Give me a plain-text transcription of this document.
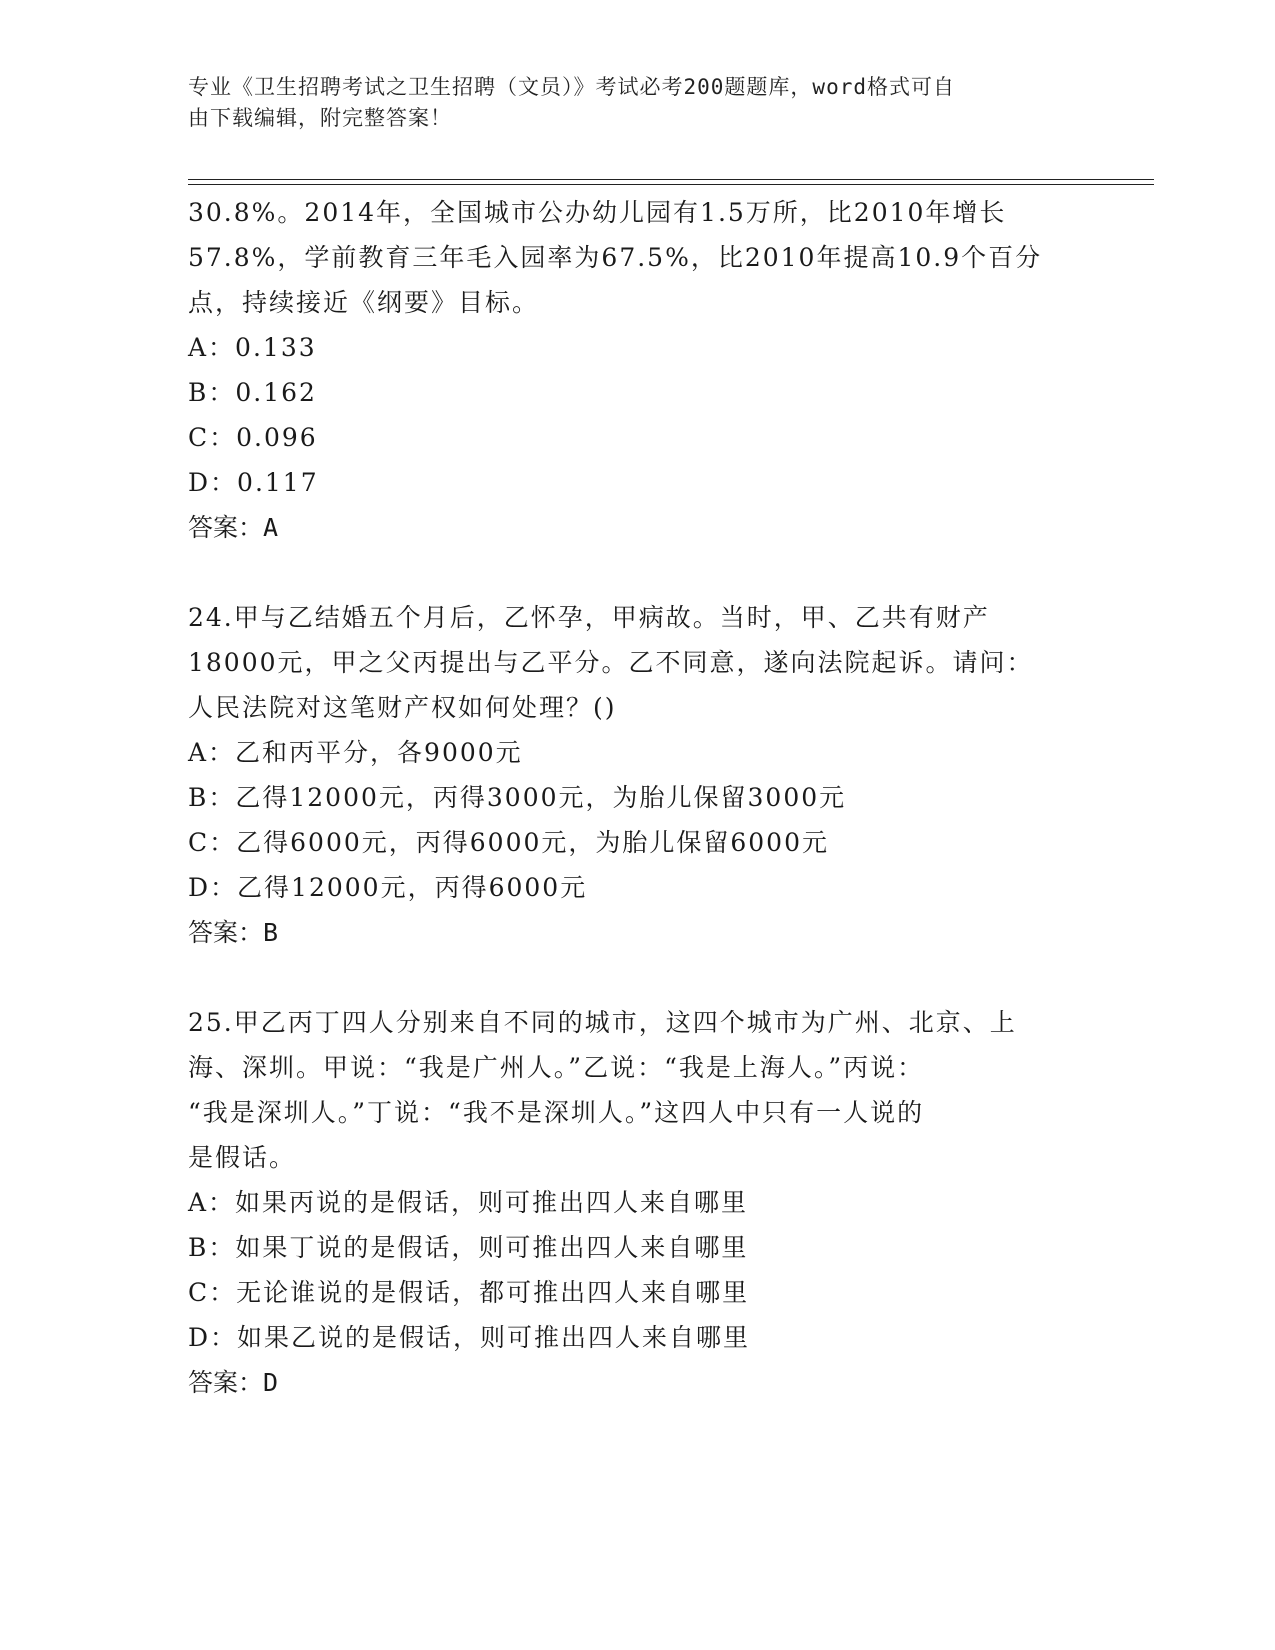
专业《卫生招聘考试之卫生招聘（文员）》考试必考200题题库，word格式可自
由下载编辑，附完整答案！
30.8%。2014年，全国城市公办幼儿园有1.5万所，比2010年增长
57.8%，学前教育三年毛入园率为67.5%，比2010年提高10.9个百分
点，持续接近《纲要》目标。
A：0.133
B：0.162
C：0.096
D：0.117
答案：A
24.甲与乙结婚五个月后，乙怀孕，甲病故。当时，甲、乙共有财产
18000元，甲之父丙提出与乙平分。乙不同意，遂向法院起诉。请问：
人民法院对这笔财产权如何处理？()
A：乙和丙平分，各9000元
B：乙得12000元，丙得3000元，为胎儿保留3000元
C：乙得6000元，丙得6000元，为胎儿保留6000元
D：乙得12000元，丙得6000元
答案：B
25.甲乙丙丁四人分别来自不同的城市，这四个城市为广州、北京、上
海、深圳。甲说：“我是广州人。”乙说：“我是上海人。”丙说：
“我是深圳人。”丁说：“我不是深圳人。”这四人中只有一人说的
是假话。
A：如果丙说的是假话，则可推出四人来自哪里
B：如果丁说的是假话，则可推出四人来自哪里
C：无论谁说的是假话，都可推出四人来自哪里
D：如果乙说的是假话，则可推出四人来自哪里
答案：D
